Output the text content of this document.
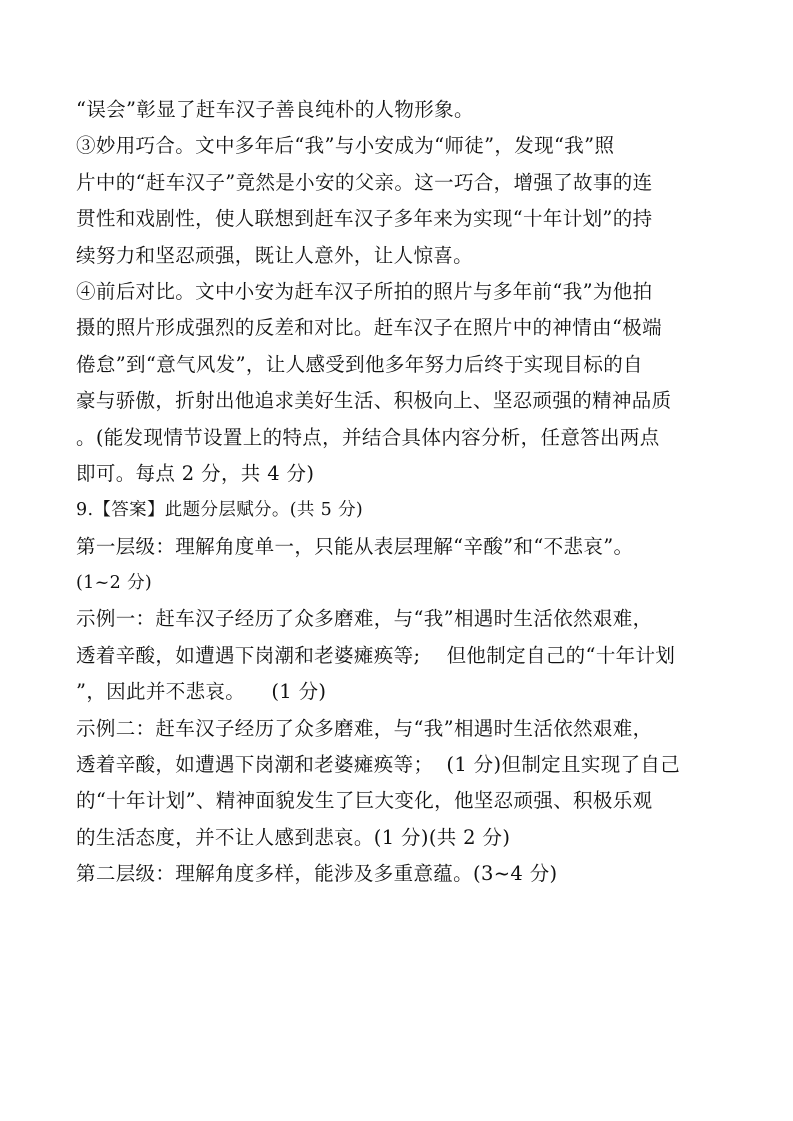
“误会”彰显了赶车汉子善良纯朴的人物形象。
③妙用巧合。文中多年后“我”与小安成为“师徒”，发现“我”照
片中的“赶车汉子”竟然是小安的父亲。这一巧合，增强了故事的连
贯性和戏剧性，使人联想到赶车汉子多年来为实现“十年计划”的持
续努力和坚忍顽强，既让人意外，让人惊喜。
④前后对比。文中小安为赶车汉子所拍的照片与多年前“我”为他拍
摄的照片形成强烈的反差和对比。赶车汉子在照片中的神情由“极端
倦怠”到“意气风发”，让人感受到他多年努力后终于实现目标的自
豪与骄傲，折射出他追求美好生活、积极向上、坚忍顽强的精神品质
。(能发现情节设置上的特点，并结合具体内容分析，任意答出两点
即可。每点 2 分，共 4 分)
9.【答案】此题分层赋分。(共 5 分)
第一层级：理解角度单一，只能从表层理解“辛酸”和“不悲哀”。
(1~2 分)
示例一：赶车汉子经历了众多磨难，与“我”相遇时生活依然艰难，
透着辛酸，如遭遇下岗潮和老婆瘫痪等;    但他制定自己的“十年计划
”，因此并不悲哀。    (1 分)
示例二：赶车汉子经历了众多磨难，与“我”相遇时生活依然艰难，
透着辛酸，如遭遇下岗潮和老婆瘫痪等；  (1 分)但制定且实现了自己
的“十年计划”、精神面貌发生了巨大变化，他坚忍顽强、积极乐观
的生活态度，并不让人感到悲哀。(1 分)(共 2 分)
第二层级：理解角度多样，能涉及多重意蕴。(3~4 分)
